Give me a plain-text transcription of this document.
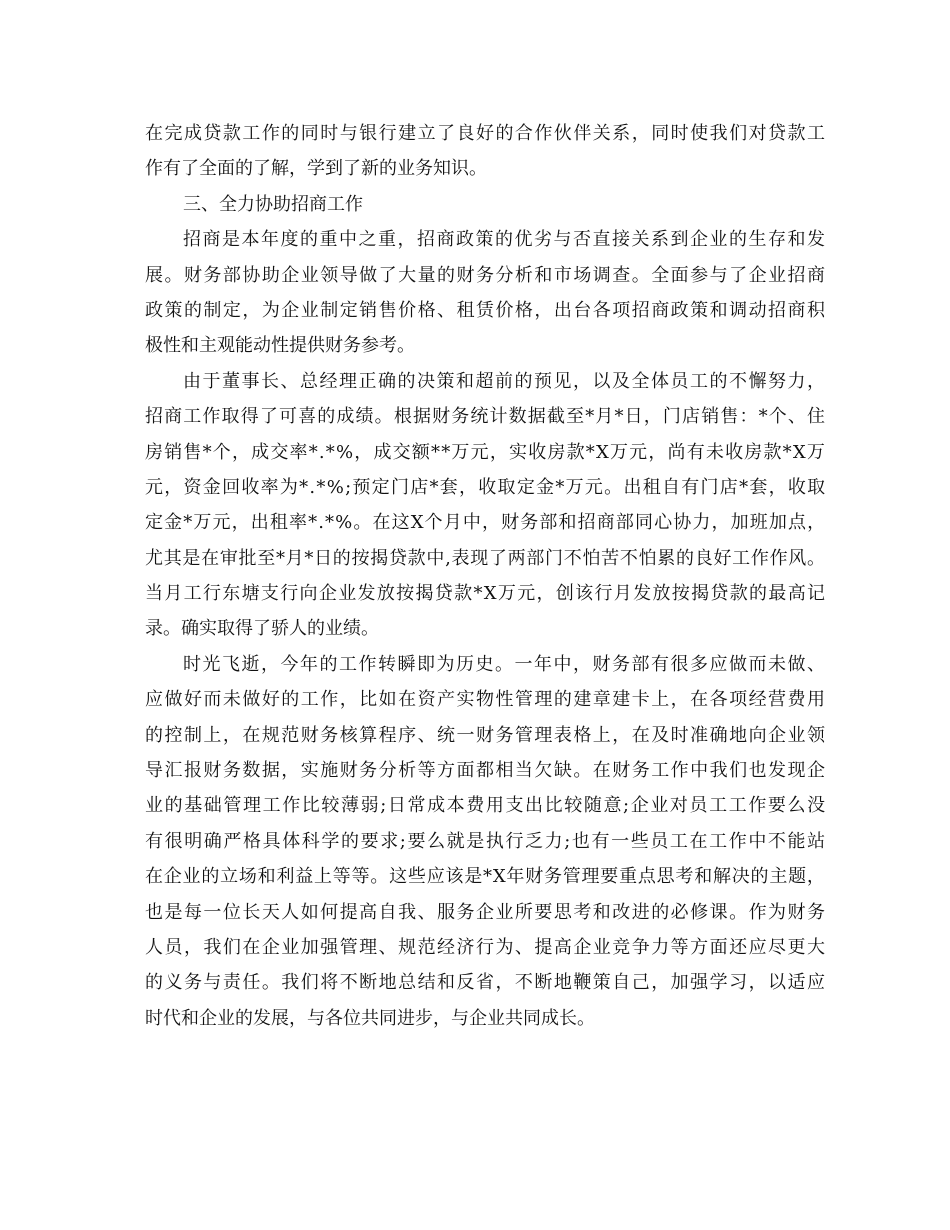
在完成贷款工作的同时与银行建立了良好的合作伙伴关系，同时使我们对贷款工
作有了全面的了解，学到了新的业务知识。
三、全力协助招商工作
招商是本年度的重中之重，招商政策的优劣与否直接关系到企业的生存和发
展。财务部协助企业领导做了大量的财务分析和市场调查。全面参与了企业招商
政策的制定，为企业制定销售价格、租赁价格，出台各项招商政策和调动招商积
极性和主观能动性提供财务参考。
由于董事长、总经理正确的决策和超前的预见，以及全体员工的不懈努力，
招商工作取得了可喜的成绩。根据财务统计数据截至*月*日，门店销售：*个、住
房销售*个，成交率*.*%，成交额**万元，实收房款*X万元，尚有未收房款*X万
元，资金回收率为*.*%;预定门店*套，收取定金*万元。出租自有门店*套，收取
定金*万元，出租率*.*%。在这X个月中，财务部和招商部同心协力，加班加点，
尤其是在审批至*月*日的按揭贷款中,表现了两部门不怕苦不怕累的良好工作作风。
当月工行东塘支行向企业发放按揭贷款*X万元，创该行月发放按揭贷款的最高记
录。确实取得了骄人的业绩。
时光飞逝，今年的工作转瞬即为历史。一年中，财务部有很多应做而未做、
应做好而未做好的工作，比如在资产实物性管理的建章建卡上，在各项经营费用
的控制上，在规范财务核算程序、统一财务管理表格上，在及时准确地向企业领
导汇报财务数据，实施财务分析等方面都相当欠缺。在财务工作中我们也发现企
业的基础管理工作比较薄弱;日常成本费用支出比较随意;企业对员工工作要么没
有很明确严格具体科学的要求;要么就是执行乏力;也有一些员工在工作中不能站
在企业的立场和利益上等等。这些应该是*X年财务管理要重点思考和解决的主题，
也是每一位长天人如何提高自我、服务企业所要思考和改进的必修课。作为财务
人员，我们在企业加强管理、规范经济行为、提高企业竞争力等方面还应尽更大
的义务与责任。我们将不断地总结和反省，不断地鞭策自己，加强学习，以适应
时代和企业的发展，与各位共同进步，与企业共同成长。
